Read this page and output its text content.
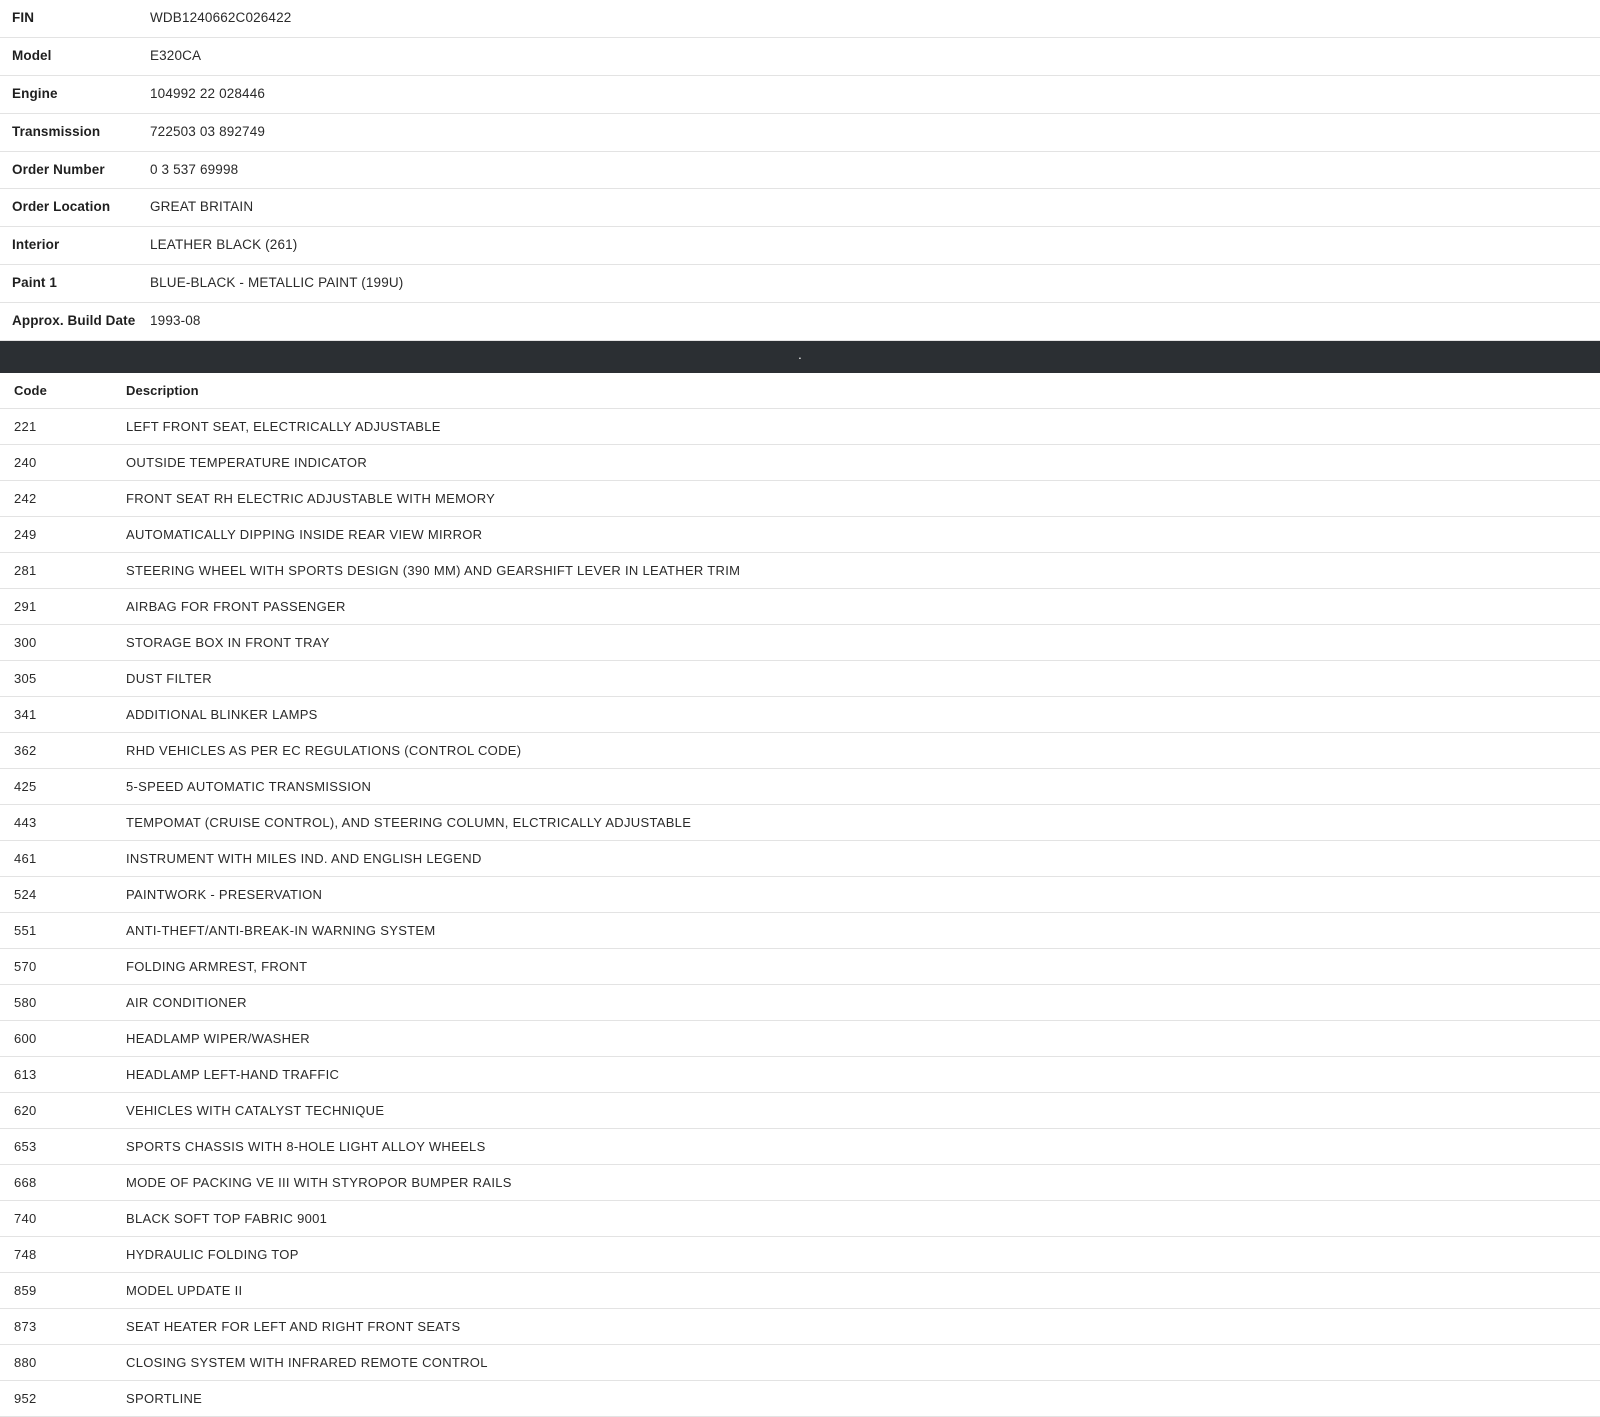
FIN	WDB1240662C026422
Model	E320CA
Engine	104992 22 028446
Transmission	722503 03 892749
Order Number	0 3 537 69998
Order Location	GREAT BRITAIN
Interior	LEATHER BLACK (261)
Paint 1	BLUE-BLACK - METALLIC PAINT (199U)
Approx. Build Date	1993-08
.
Code	Description
221	LEFT FRONT SEAT, ELECTRICALLY ADJUSTABLE
240	OUTSIDE TEMPERATURE INDICATOR
242	FRONT SEAT RH ELECTRIC ADJUSTABLE WITH MEMORY
249	AUTOMATICALLY DIPPING INSIDE REAR VIEW MIRROR
281	STEERING WHEEL WITH SPORTS DESIGN (390 MM) AND GEARSHIFT LEVER IN LEATHER TRIM
291	AIRBAG FOR FRONT PASSENGER
300	STORAGE BOX IN FRONT TRAY
305	DUST FILTER
341	ADDITIONAL BLINKER LAMPS
362	RHD VEHICLES AS PER EC REGULATIONS (CONTROL CODE)
425	5-SPEED AUTOMATIC TRANSMISSION
443	TEMPOMAT (CRUISE CONTROL), AND STEERING COLUMN, ELCTRICALLY ADJUSTABLE
461	INSTRUMENT WITH MILES IND. AND ENGLISH LEGEND
524	PAINTWORK - PRESERVATION
551	ANTI-THEFT/ANTI-BREAK-IN WARNING SYSTEM
570	FOLDING ARMREST, FRONT
580	AIR CONDITIONER
600	HEADLAMP WIPER/WASHER
613	HEADLAMP LEFT-HAND TRAFFIC
620	VEHICLES WITH CATALYST TECHNIQUE
653	SPORTS CHASSIS WITH 8-HOLE LIGHT ALLOY WHEELS
668	MODE OF PACKING VE III WITH STYROPOR BUMPER RAILS
740	BLACK SOFT TOP FABRIC 9001
748	HYDRAULIC FOLDING TOP
859	MODEL UPDATE II
873	SEAT HEATER FOR LEFT AND RIGHT FRONT SEATS
880	CLOSING SYSTEM WITH INFRARED REMOTE CONTROL
952	SPORTLINE
